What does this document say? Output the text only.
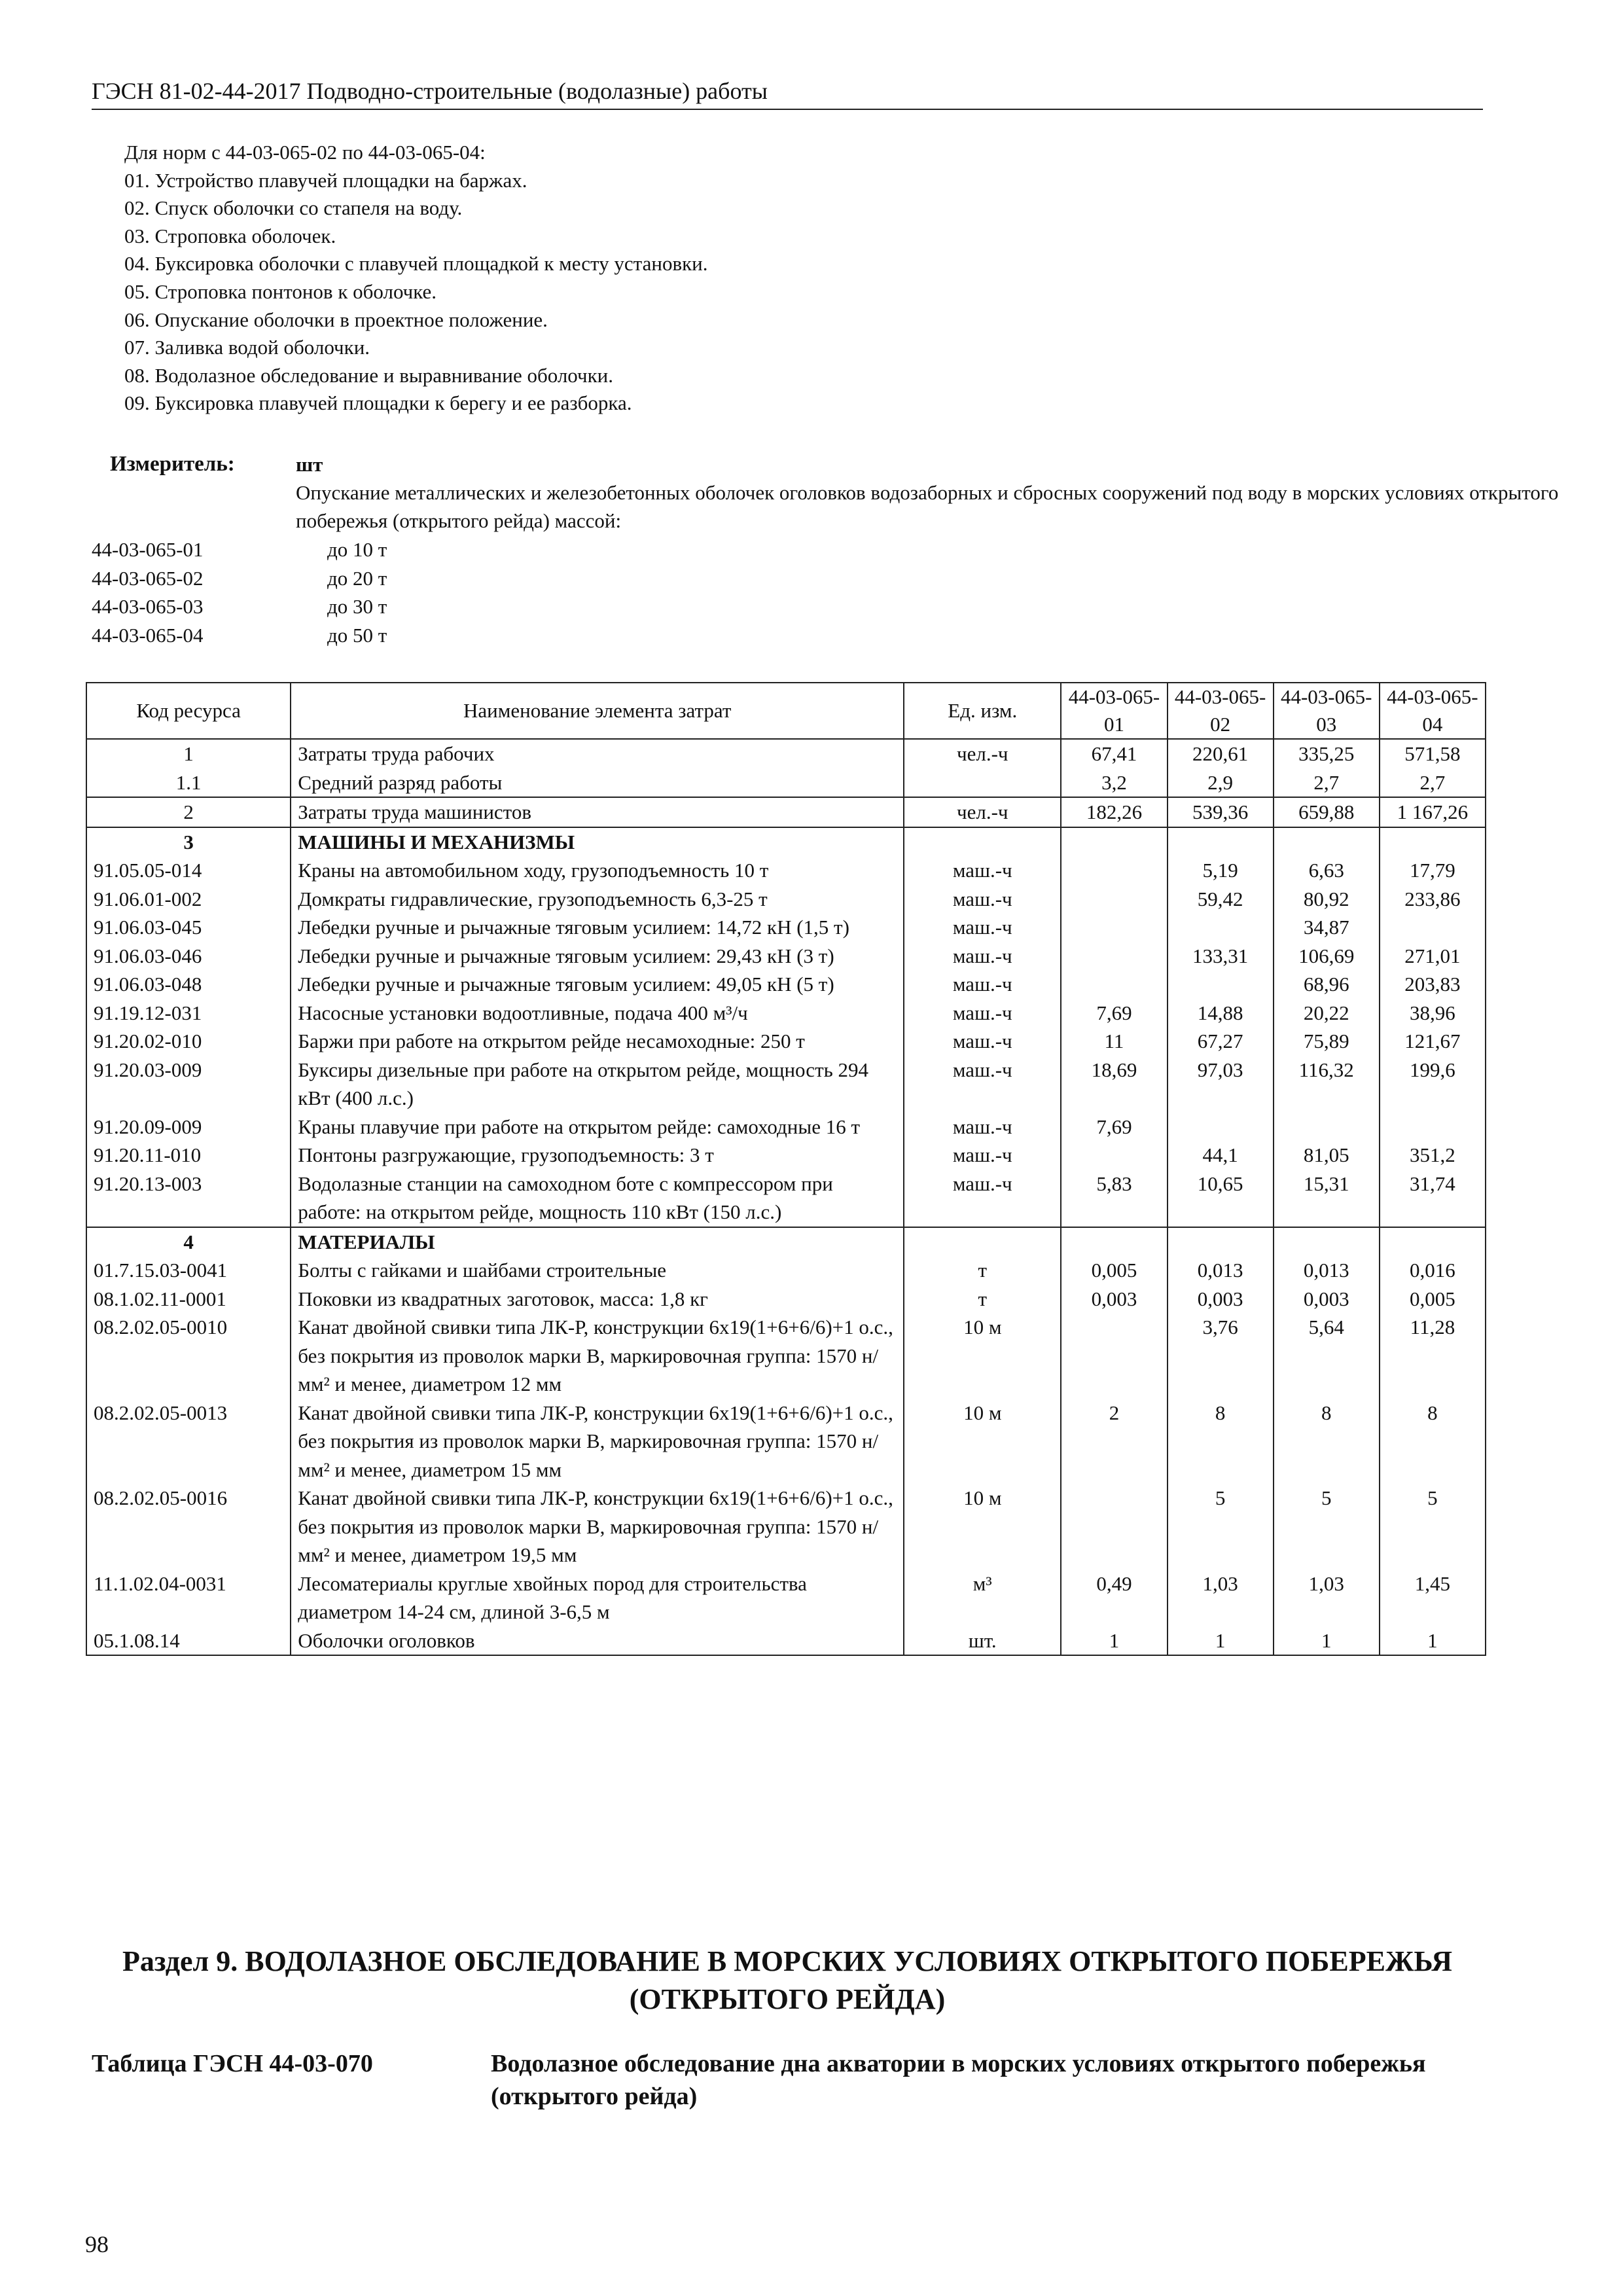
ГЭСН 81-02-44-2017 Подводно-строительные (водолазные) работы
Для норм с 44-03-065-02 по 44-03-065-04:
01. Устройство плавучей площадки на баржах.
02. Спуск оболочки со стапеля на воду.
03. Строповка оболочек.
04. Буксировка оболочки с плавучей площадкой к месту установки.
05. Строповка понтонов к оболочке.
06. Опускание оболочки в проектное положение.
07. Заливка водой оболочки.
08. Водолазное обследование и выравнивание оболочки.
09. Буксировка плавучей площадки к берегу и ее разборка.
Измеритель:	шт
Опускание металлических и железобетонных оболочек оголовков водозаборных и сбросных сооружений под воду в морских условиях открытого побережья (открытого рейда) массой:
44-03-065-01	до 10 т
44-03-065-02	до 20 т
44-03-065-03	до 30 т
44-03-065-04	до 50 т
Код ресурса	Наименование элемента затрат	Ед. изм.	44-03-065-01	44-03-065-02	44-03-065-03	44-03-065-04
1	Затраты труда рабочих	чел.-ч	67,41	220,61	335,25	571,58
1.1	Средний разряд работы		3,2	2,9	2,7	2,7
2	Затраты труда машинистов	чел.-ч	182,26	539,36	659,88	1 167,26
3	МАШИНЫ И МЕХАНИЗМЫ					
91.05.05-014	Краны на автомобильном ходу, грузоподъемность 10 т	маш.-ч		5,19	6,63	17,79
91.06.01-002	Домкраты гидравлические, грузоподъемность 6,3-25 т	маш.-ч		59,42	80,92	233,86
91.06.03-045	Лебедки ручные и рычажные тяговым усилием: 14,72 кН (1,5 т)	маш.-ч			34,87	
91.06.03-046	Лебедки ручные и рычажные тяговым усилием: 29,43 кН (3 т)	маш.-ч		133,31	106,69	271,01
91.06.03-048	Лебедки ручные и рычажные тяговым усилием: 49,05 кН (5 т)	маш.-ч			68,96	203,83
91.19.12-031	Насосные установки водоотливные, подача 400 м³/ч	маш.-ч	7,69	14,88	20,22	38,96
91.20.02-010	Баржи при работе на открытом рейде несамоходные: 250 т	маш.-ч	11	67,27	75,89	121,67
91.20.03-009	Буксиры дизельные при работе на открытом рейде, мощность 294 кВт (400 л.с.)	маш.-ч	18,69	97,03	116,32	199,6
91.20.09-009	Краны плавучие при работе на открытом рейде: самоходные 16 т	маш.-ч	7,69			
91.20.11-010	Понтоны разгружающие, грузоподъемность: 3 т	маш.-ч		44,1	81,05	351,2
91.20.13-003	Водолазные станции на самоходном боте с компрессором при работе: на открытом рейде, мощность 110 кВт (150 л.с.)	маш.-ч	5,83	10,65	15,31	31,74
4	МАТЕРИАЛЫ					
01.7.15.03-0041	Болты с гайками и шайбами строительные	т	0,005	0,013	0,013	0,016
08.1.02.11-0001	Поковки из квадратных заготовок, масса: 1,8 кг	т	0,003	0,003	0,003	0,005
08.2.02.05-0010	Канат двойной свивки типа ЛК-Р, конструкции 6х19(1+6+6/6)+1 о.с., без покрытия из проволок марки В, маркировочная группа: 1570 н/мм² и менее, диаметром 12 мм	10 м		3,76	5,64	11,28
08.2.02.05-0013	Канат двойной свивки типа ЛК-Р, конструкции 6х19(1+6+6/6)+1 о.с., без покрытия из проволок марки В, маркировочная группа: 1570 н/мм² и менее, диаметром 15 мм	10 м	2	8	8	8
08.2.02.05-0016	Канат двойной свивки типа ЛК-Р, конструкции 6х19(1+6+6/6)+1 о.с., без покрытия из проволок марки В, маркировочная группа: 1570 н/мм² и менее, диаметром 19,5 мм	10 м		5	5	5
11.1.02.04-0031	Лесоматериалы круглые хвойных пород для строительства диаметром 14-24 см, длиной 3-6,5 м	м³	0,49	1,03	1,03	1,45
05.1.08.14	Оболочки оголовков	шт.	1	1	1	1
Раздел 9. ВОДОЛАЗНОЕ ОБСЛЕДОВАНИЕ В МОРСКИХ УСЛОВИЯХ ОТКРЫТОГО ПОБЕРЕЖЬЯ (ОТКРЫТОГО РЕЙДА)
Таблица ГЭСН 44-03-070	Водолазное обследование дна акватории в морских условиях открытого побережья (открытого рейда)
98
